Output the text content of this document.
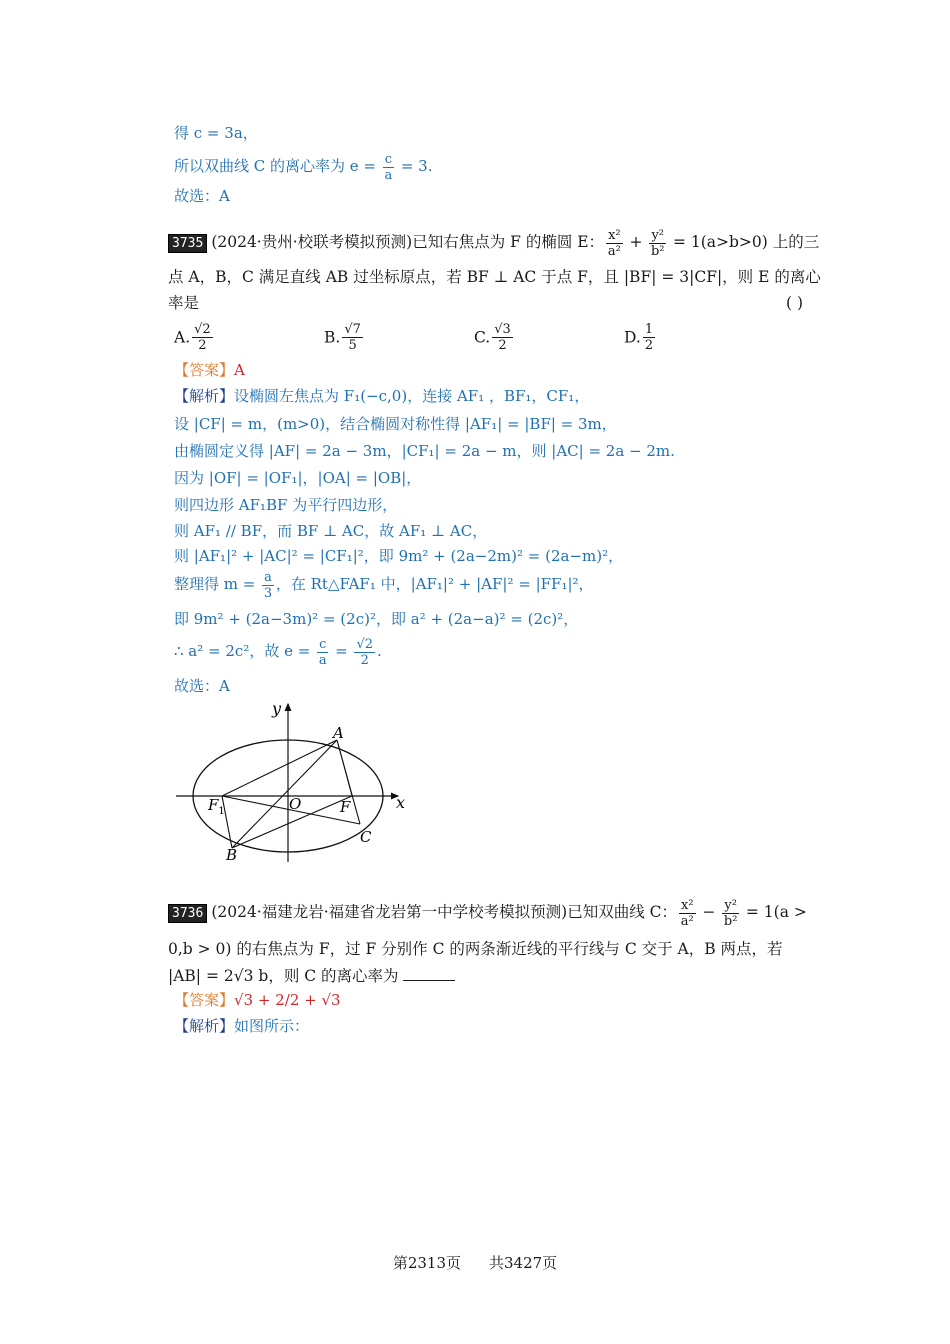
得 c = 3a，
所以双曲线 C 的离心率为 $e = \frac{c}{a} = 3$.
故选：A
3735 (2024·贵州·校联考模拟预测)已知右焦点为 F 的椭圆 E： $\frac{\text{x²}}{\text{a²}} + \frac{\text{y²}}{\text{b²}} = 1(a>b>0)$ 上的三
点 A，B，C 满足直线 AB 过坐标原点，若 BF ⊥ AC 于点 F，且 |BF| = 3|CF|，则 E 的离心
率是	( )
A. $\frac{√2}{2}$	B. $\frac{√7}{5}$	C. $\frac{√3}{2}$	D. $\frac{1}{2}$
【答案】A
【解析】设椭圆左焦点为 F₁(−c,0)，连接 AF₁ ，BF₁，CF₁，
设 |CF| = m，(m>0)，结合椭圆对称性得 |AF₁| = |BF| = 3m，
由椭圆定义得 |AF| = 2a − 3m，|CF₁| = 2a − m，则 |AC| = 2a − 2m.
因为 |OF| = |OF₁|，|OA| = |OB|，
则四边形 AF₁BF 为平行四边形，
则 AF₁ // BF，而 BF ⊥ AC，故 AF₁ ⊥ AC，
则 |AF₁|² + |AC|² = |CF₁|²，即 9m² + (2a−2m)² = (2a−m)²，
整理得 $m = \frac{a}{3}$ ，在 Rt△FAF₁ 中，|AF₁|² + |AF|² = |FF₁|²，
即 9m² + (2a−3m)² = (2c)²，即 a² + (2a−a)² = (2c)²，
∴ a² = 2c²，故 $e = \frac{c}{a} = \frac{√2}{2}$ .
故选：A
y
x
A
B
C
F
$F_1$	O
3736 (2024·福建龙岩·福建省龙岩第一中学校考模拟预测)已知双曲线 C： $\frac{\text{x²}}{\text{a²}} - \frac{\text{y²}}{\text{b²}} = 1(a$ >
0,b > 0) 的右焦点为 F，过 F 分别作 C 的两条渐近线的平行线与 C 交于 A，B 两点，若
|AB| = 2√3 b，则 C 的离心率为
【答案】√3 + 2/2 + √3
【解析】如图所示：
第2313页 共3427页
